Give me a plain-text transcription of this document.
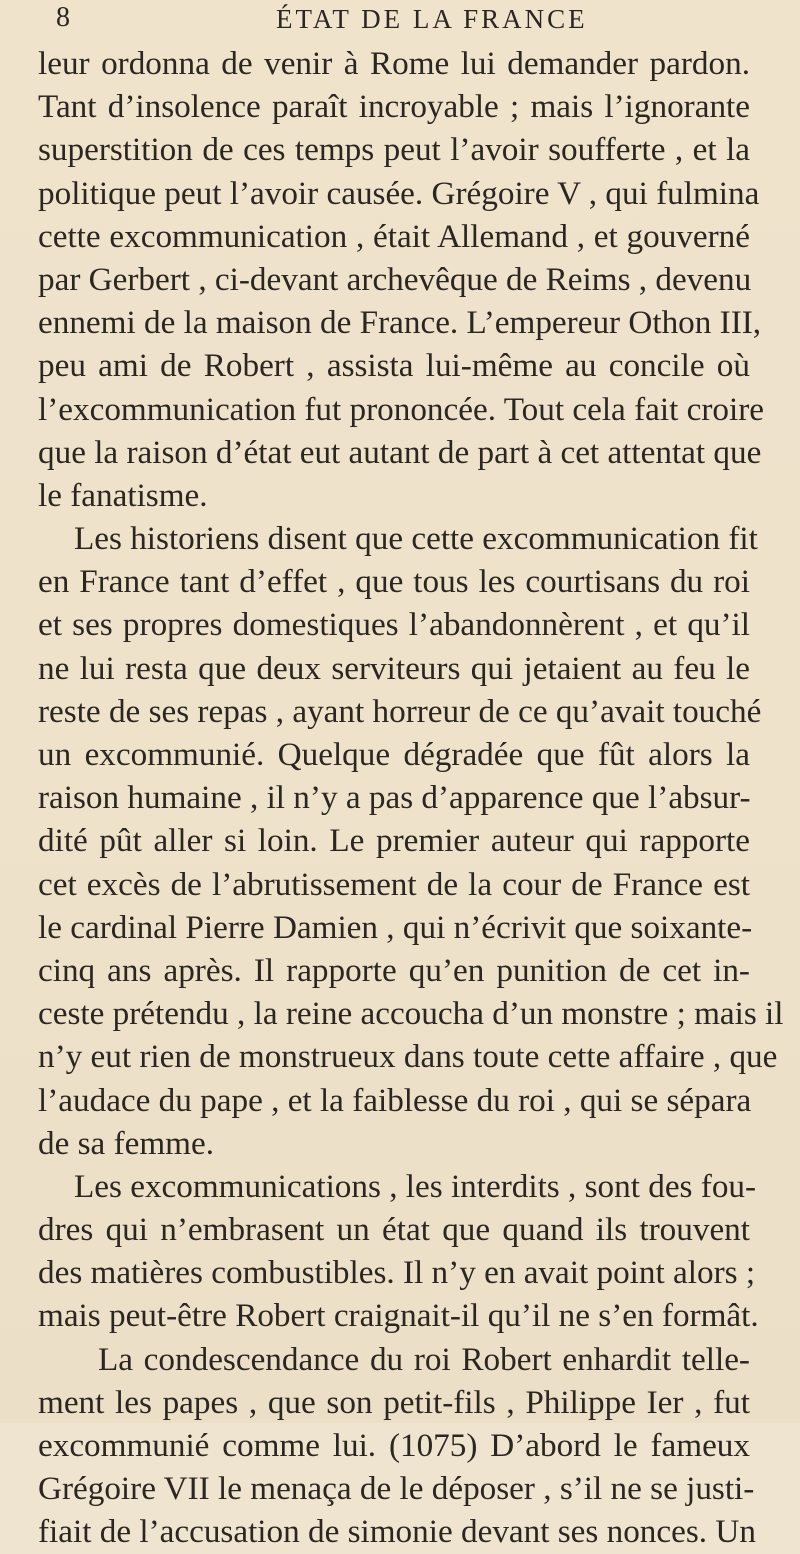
8	ÉTAT DE LA FRANCE
leur ordonna de venir à Rome lui demander pardon.
Tant d’insolence paraît incroyable ; mais l’ignorante
superstition de ces temps peut l’avoir soufferte , et la
politique peut l’avoir causée. Grégoire V , qui fulmina
cette excommunication , était Allemand , et gouverné
par Gerbert , ci-devant archevêque de Reims , devenu
ennemi de la maison de France. L’empereur Othon III,
peu ami de Robert , assista lui-même au concile où
l’excommunication fut prononcée. Tout cela fait croire
que la raison d’état eut autant de part à cet attentat que
le fanatisme.
Les historiens disent que cette excommunication fit
en France tant d’effet , que tous les courtisans du roi
et ses propres domestiques l’abandonnèrent , et qu’il
ne lui resta que deux serviteurs qui jetaient au feu le
reste de ses repas , ayant horreur de ce qu’avait touché
un excommunié. Quelque dégradée que fût alors la
raison humaine , il n’y a pas d’apparence que l’absur-
dité pût aller si loin. Le premier auteur qui rapporte
cet excès de l’abrutissement de la cour de France est
le cardinal Pierre Damien , qui n’écrivit que soixante-
cinq ans après. Il rapporte qu’en punition de cet in-
ceste prétendu , la reine accoucha d’un monstre ; mais il
n’y eut rien de monstrueux dans toute cette affaire , que
l’audace du pape , et la faiblesse du roi , qui se sépara
de sa femme.
Les excommunications , les interdits , sont des fou-
dres qui n’embrasent un état que quand ils trouvent
des matières combustibles. Il n’y en avait point alors ;
mais peut-être Robert craignait-il qu’il ne s’en formât.
La condescendance du roi Robert enhardit telle-
ment les papes , que son petit-fils , Philippe Ier , fut
excommunié comme lui. (1075) D’abord le fameux
Grégoire VII le menaça de le déposer , s’il ne se justi-
fiait de l’accusation de simonie devant ses nonces. Un
